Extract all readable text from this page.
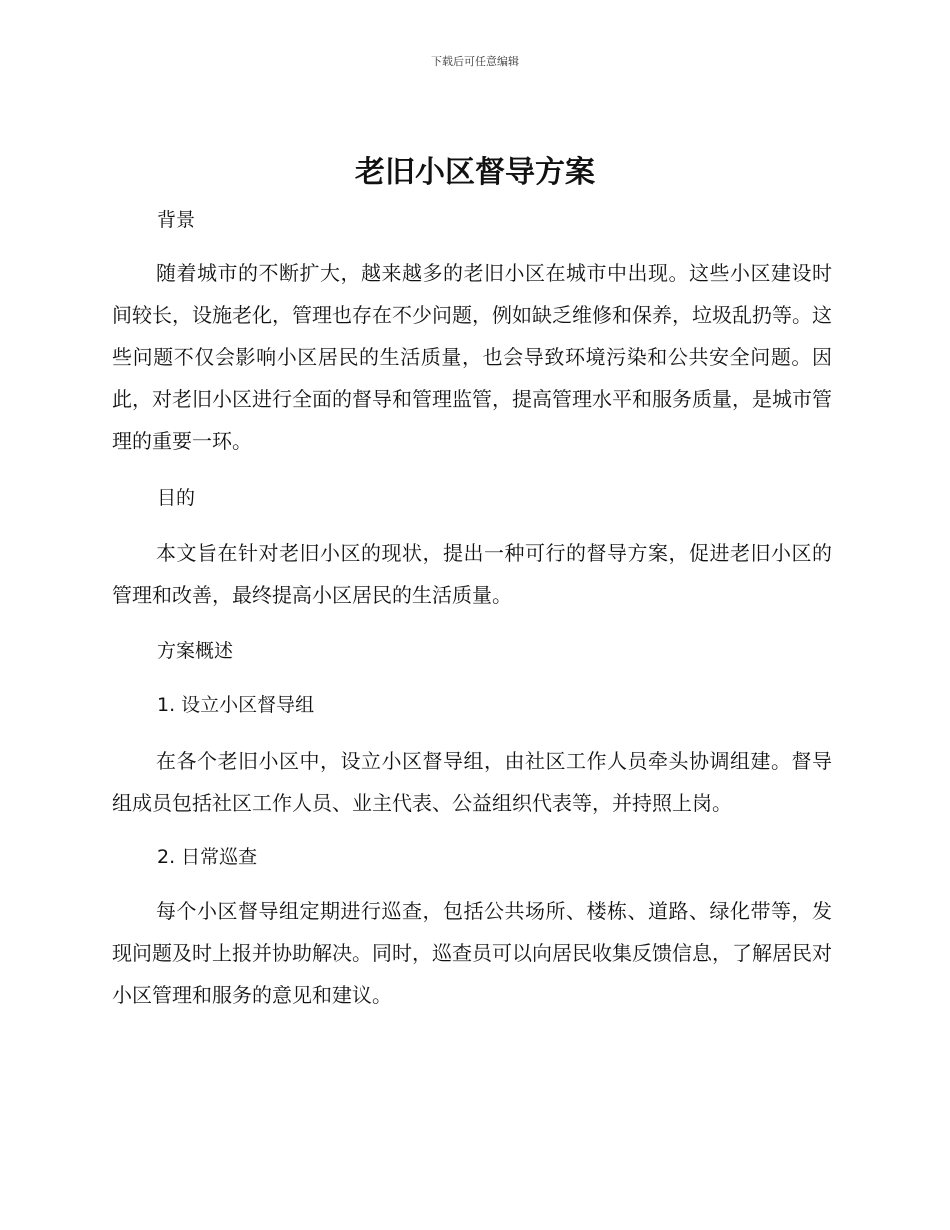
下载后可任意编辑
老旧小区督导方案
背景

随着城市的不断扩大，越来越多的老旧小区在城市中出现。这些小区建设时间较长，设施老化，管理也存在不少问题，例如缺乏维修和保养，垃圾乱扔等。这些问题不仅会影响小区居民的生活质量，也会导致环境污染和公共安全问题。因此，对老旧小区进行全面的督导和管理监管，提高管理水平和服务质量，是城市管理的重要一环。

目的

本文旨在针对老旧小区的现状，提出一种可行的督导方案，促进老旧小区的管理和改善，最终提高小区居民的生活质量。

方案概述
1. 设立小区督导组

在各个老旧小区中，设立小区督导组，由社区工作人员牵头协调组建。督导组成员包括社区工作人员、业主代表、公益组织代表等，并持照上岗。

2. 日常巡查

每个小区督导组定期进行巡查，包括公共场所、楼栋、道路、绿化带等，发现问题及时上报并协助解决。同时，巡查员可以向居民收集反馈信息，了解居民对小区管理和服务的意见和建议。
